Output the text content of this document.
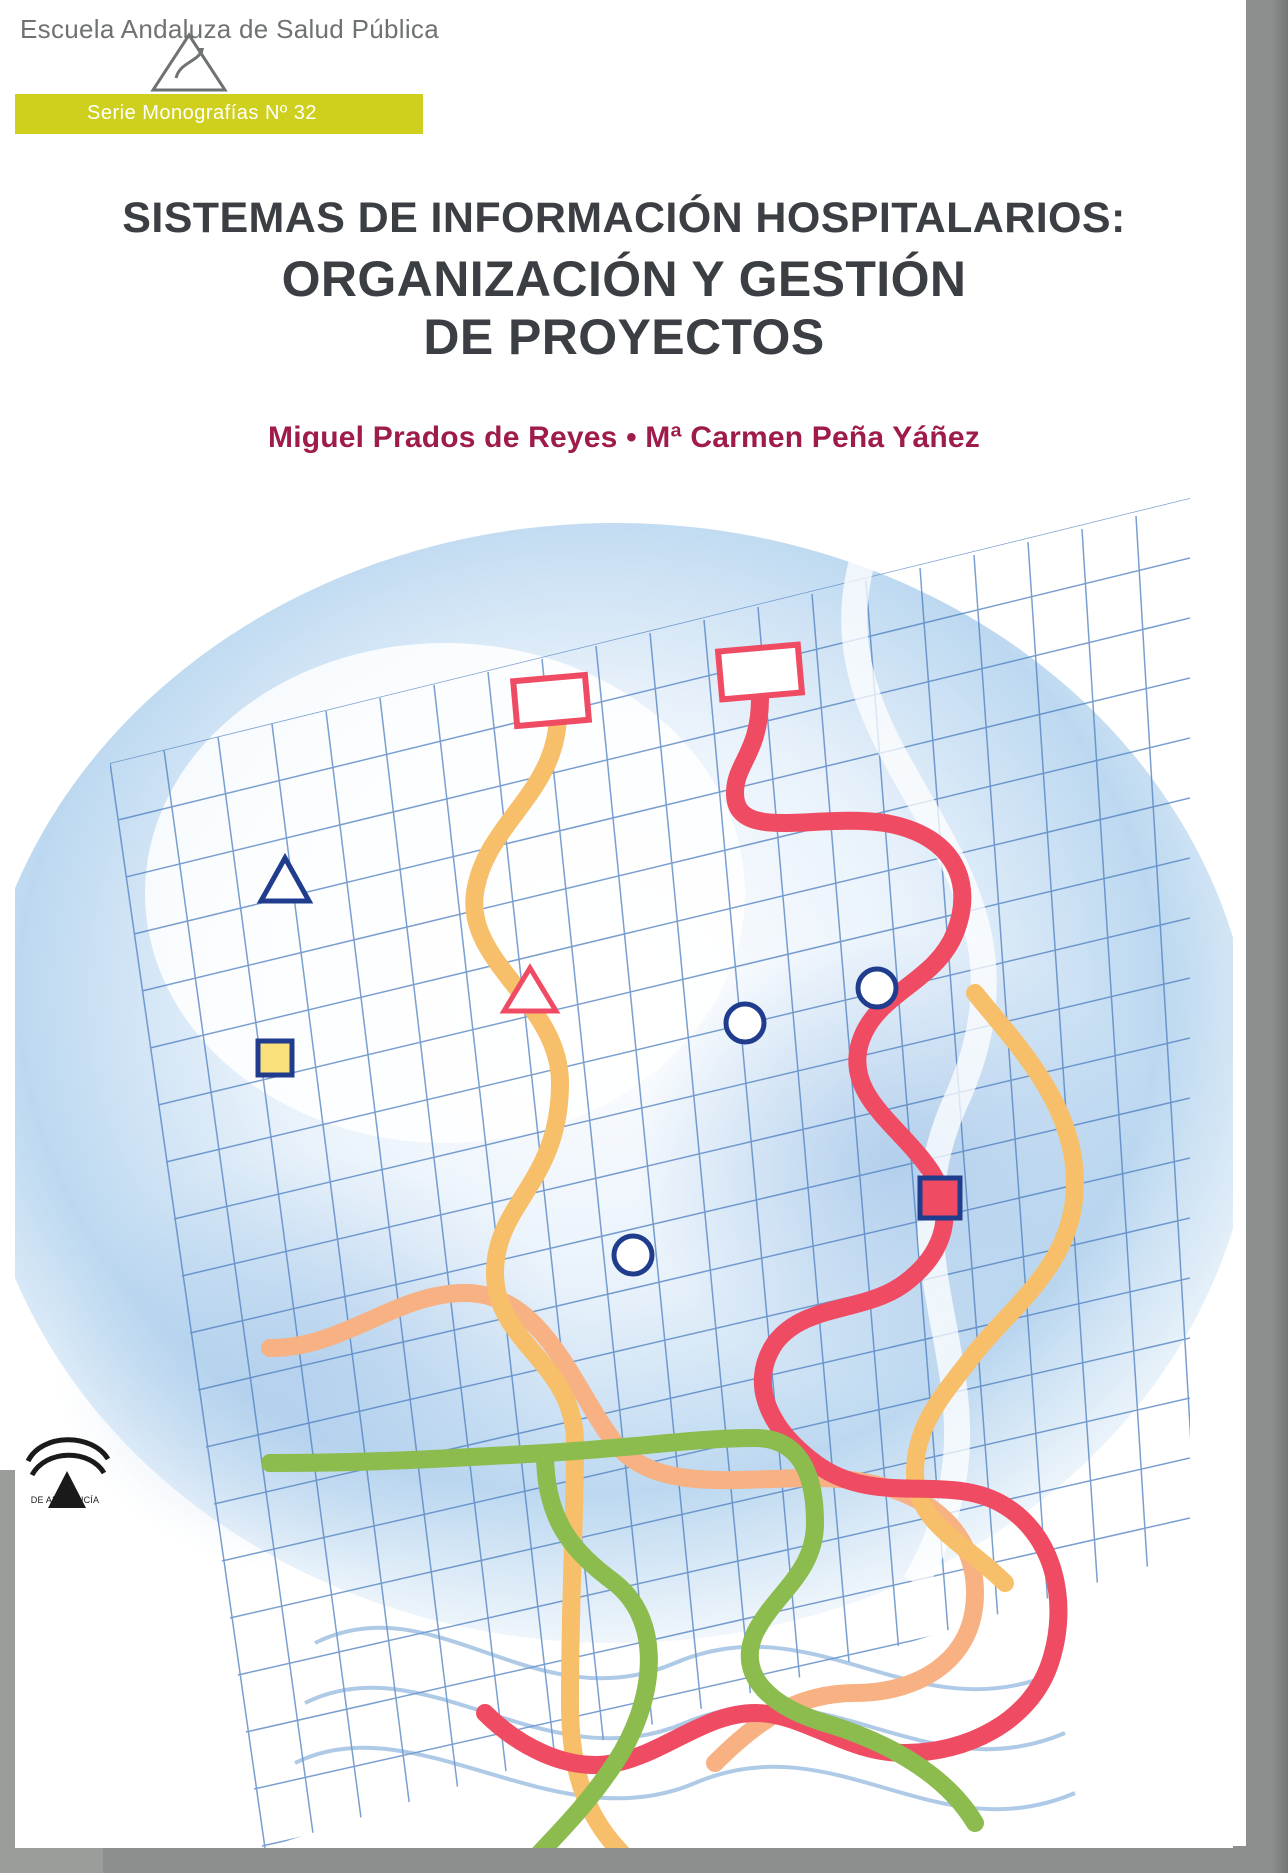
Escuela Andaluza de Salud Pública
Serie Monografías Nº 32
SISTEMAS DE INFORMACIÓN HOSPITALARIOS:
ORGANIZACIÓN Y GESTIÓN
DE PROYECTOS
Miguel Prados de Reyes • Mª Carmen Peña Yáñez
DE ANDALUCÍA
